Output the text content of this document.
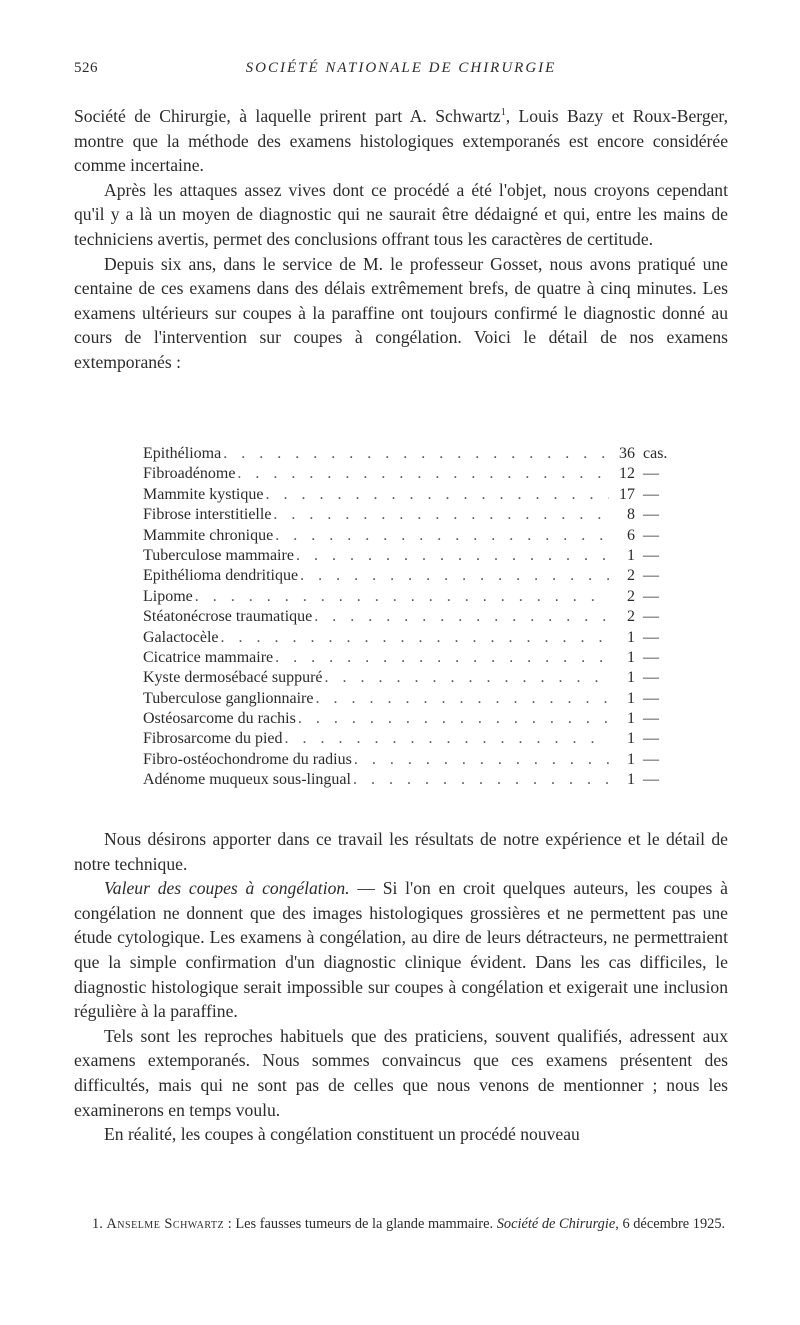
526	SOCIÉTÉ NATIONALE DE CHIRURGIE

Société de Chirurgie, à laquelle prirent part A. Schwartz$^1$, Louis Bazy et Roux-Berger, montre que la méthode des examens histologiques extemporanés est encore considérée comme incertaine.

Après les attaques assez vives dont ce procédé a été l'objet, nous croyons cependant qu'il y a là un moyen de diagnostic qui ne saurait être dédaigné et qui, entre les mains de techniciens avertis, permet des conclusions offrant tous les caractères de certitude.

Depuis six ans, dans le service de M. le professeur Gosset, nous avons pratiqué une centaine de ces examens dans des délais extrêmement brefs, de quatre à cinq minutes. Les examens ultérieurs sur coupes à la paraffine ont toujours confirmé le diagnostic donné au cours de l'intervention sur coupes à congélation. Voici le détail de nos examens extemporanés :

Epithélioma . . .	36 cas.
Fibroadénome . . .	12 —
Mammite kystique . . .	17 —
Fibrose interstitielle . . .	8 —
Mammite chronique . . .	6 —
Tuberculose mammaire . . .	1 —
Epithélioma dendritique . . .	2 —
Lipome . . .	2 —
Stéatonécrose traumatique . . .	2 —
Galactocèle . . .	1 —
Cicatrice mammaire . . .	1 —
Kyste dermosébacé suppuré . . .	1 —
Tuberculose ganglionnaire . . .	1 —
Ostéosarcome du rachis . . .	1 —
Fibrosarcome du pied . . .	1 —
Fibro-ostéochondrome du radius . . .	1 —
Adénome muqueux sous-lingual . . .	1 —

Nous désirons apporter dans ce travail les résultats de notre expérience et le détail de notre technique.

Valeur des coupes à congélation. — Si l'on en croit quelques auteurs, les coupes à congélation ne donnent que des images histologiques grossières et ne permettent pas une étude cytologique. Les examens à congélation, au dire de leurs détracteurs, ne permettraient que la simple confirmation d'un diagnostic clinique évident. Dans les cas difficiles, le diagnostic histologique serait impossible sur coupes à congélation et exigerait une inclusion régulière à la paraffine.

Tels sont les reproches habituels que des praticiens, souvent qualifiés, adressent aux examens extemporanés. Nous sommes convaincus que ces examens présentent des difficultés, mais qui ne sont pas de celles que nous venons de mentionner ; nous les examinerons en temps voulu.

En réalité, les coupes à congélation constituent un procédé nouveau

1. Anselme Schwartz : Les fausses tumeurs de la glande mammaire. Société de Chirurgie, 6 décembre 1925.
